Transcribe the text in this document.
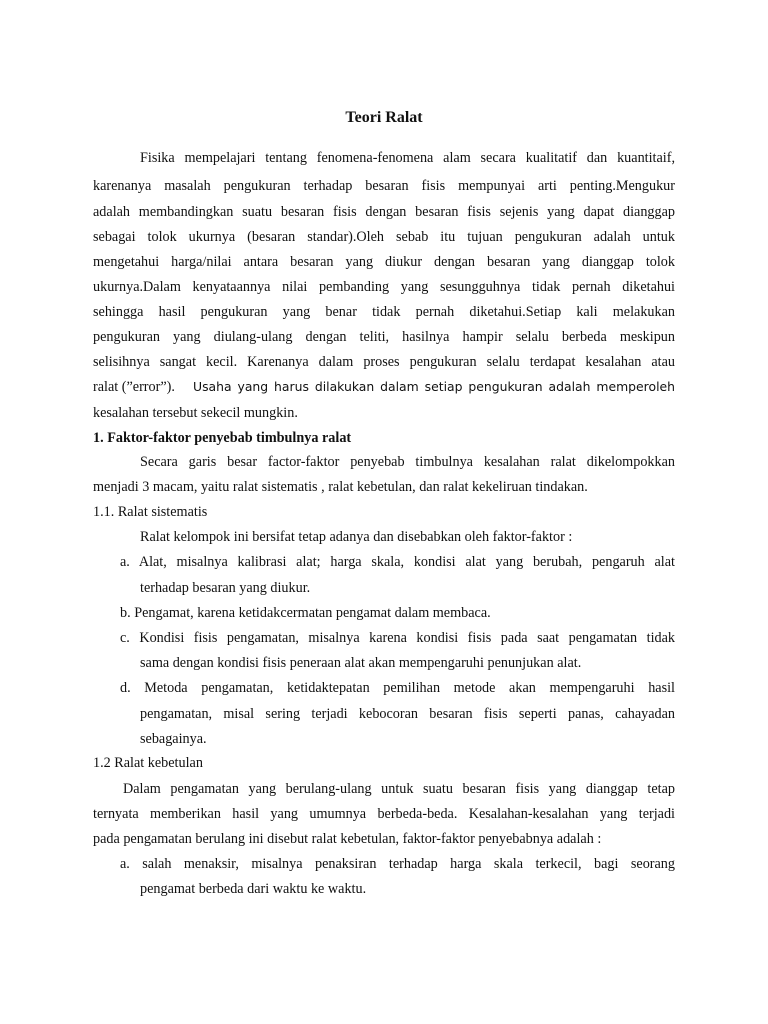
Teori Ralat
Fisika mempelajari tentang fenomena-fenomena alam secara kualitatif dan kuantitaif,
karenanya masalah pengukuran terhadap besaran fisis mempunyai arti penting.Mengukur
adalah membandingkan suatu besaran fisis dengan besaran fisis sejenis yang dapat dianggap
sebagai tolok ukurnya (besaran standar).Oleh sebab itu tujuan pengukuran adalah untuk
mengetahui harga/nilai antara besaran yang diukur dengan besaran yang dianggap tolok
ukurnya.Dalam kenyataannya nilai pembanding yang sesungguhnya tidak pernah diketahui
sehingga hasil pengukuran yang benar tidak pernah diketahui.Setiap kali melakukan
pengukuran yang diulang-ulang dengan teliti, hasilnya hampir selalu berbeda meskipun
selisihnya sangat kecil. Karenanya dalam proses pengukuran selalu terdapat kesalahan atau
ralat (”error”). Usaha yang harus dilakukan dalam setiap pengukuran adalah memperoleh
kesalahan tersebut sekecil mungkin.
1. Faktor-faktor penyebab timbulnya ralat
Secara garis besar factor-faktor penyebab timbulnya kesalahan ralat dikelompokkan
menjadi 3 macam, yaitu ralat sistematis , ralat kebetulan, dan ralat kekeliruan tindakan.
1.1. Ralat sistematis
Ralat kelompok ini bersifat tetap adanya dan disebabkan oleh faktor-faktor :
a. Alat, misalnya kalibrasi alat; harga skala, kondisi alat yang berubah, pengaruh alat
terhadap besaran yang diukur.
b. Pengamat, karena ketidakcermatan pengamat dalam membaca.
c. Kondisi fisis pengamatan, misalnya karena kondisi fisis pada saat pengamatan tidak
sama dengan kondisi fisis peneraan alat akan mempengaruhi penunjukan alat.
d. Metoda pengamatan, ketidaktepatan pemilihan metode akan mempengaruhi hasil
pengamatan, misal sering terjadi kebocoran besaran fisis seperti panas, cahayadan
sebagainya.
1.2 Ralat kebetulan
Dalam pengamatan yang berulang-ulang untuk suatu besaran fisis yang dianggap tetap
ternyata memberikan hasil yang umumnya berbeda-beda. Kesalahan-kesalahan yang terjadi
pada pengamatan berulang ini disebut ralat kebetulan, faktor-faktor penyebabnya adalah :
a. salah menaksir, misalnya penaksiran terhadap harga skala terkecil, bagi seorang
pengamat berbeda dari waktu ke waktu.
